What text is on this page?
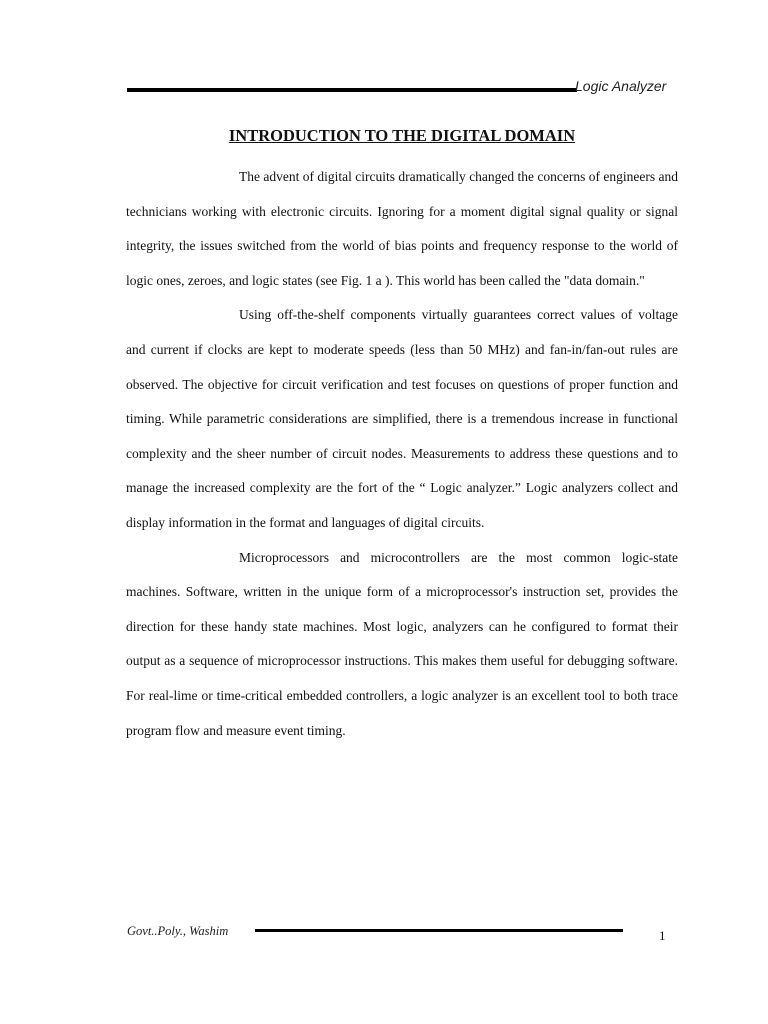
Logic Analyzer
INTRODUCTION TO THE DIGITAL DOMAIN

The advent of digital circuits dramatically changed the concerns of engineers and technicians working with electronic circuits. Ignoring for a moment digital signal quality or signal integrity, the issues switched from the world of bias points and frequency response to the world of logic ones, zeroes, and logic states (see Fig. 1 a ). This world has been called the "data domain."

Using off-the-shelf components virtually guarantees correct values of voltage and current if clocks are kept to moderate speeds (less than 50 MHz) and fan-in/fan-out rules are observed. The objective for circuit verification and test focuses on questions of proper function and timing. While parametric considerations are simplified, there is a tremendous increase in functional complexity and the sheer number of circuit nodes. Measurements to address these questions and to manage the increased complexity are the fort of the “ Logic analyzer.” Logic analyzers collect and display information in the format and languages of digital circuits.

Microprocessors and microcontrollers are the most common logic-state machines. Software, written in the unique form of a microprocessor's instruction set, provides the direction for these handy state machines. Most logic, analyzers can he configured to format their output as a sequence of microprocessor instructions. This makes them useful for debugging software. For real-lime or time-critical embedded controllers, a logic analyzer is an excellent tool to both trace program flow and measure event timing.

Govt..Poly., Washim	1
